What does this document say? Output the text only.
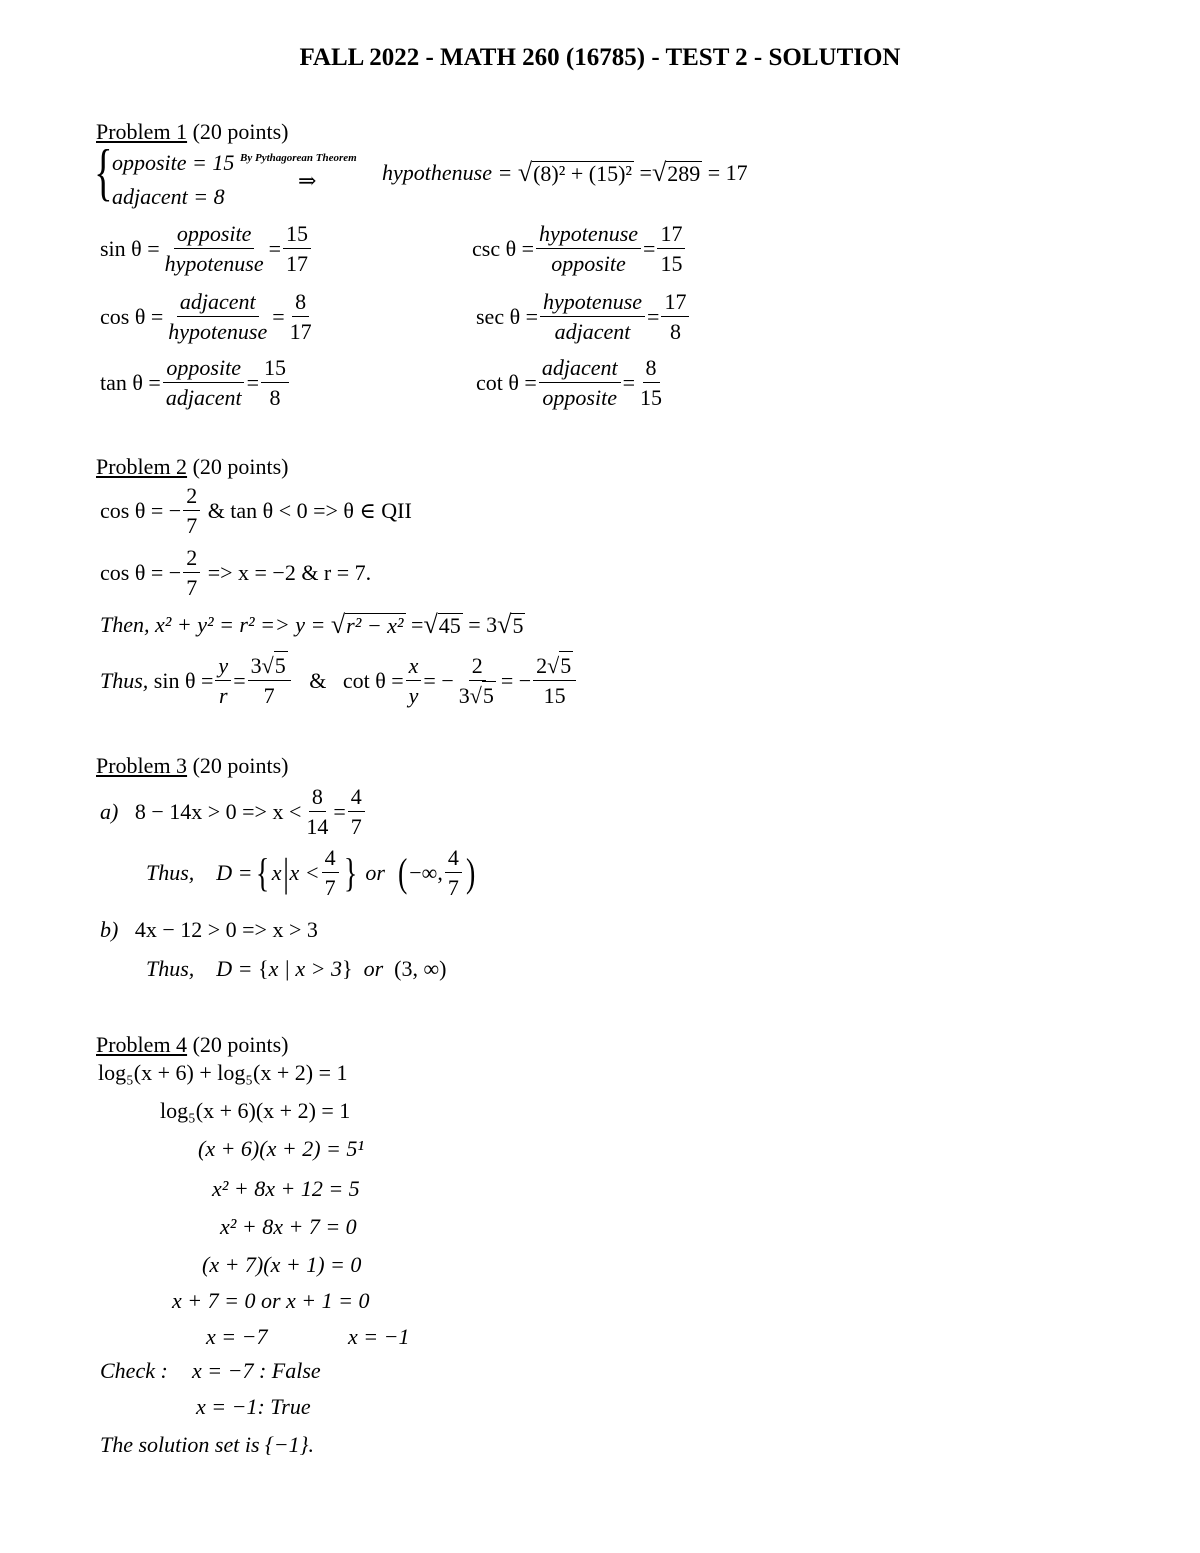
FALL 2022 - MATH 260 (16785) - TEST 2 - SOLUTION
Problem 1 (20 points)
{ opposite = 15
adjacent = 8
By Pythagorean Theorem
⇒	hypothenuse =
√ (8)² + (15)²
= √ 289
= 17
$\sin \theta = \frac{\text{opposite}}{\text{hypotenuse}} = \frac{15}{17}$
$\cos \theta = \frac{\text{adjacent}}{\text{hypotenuse}} = \frac{8}{17}$
$\tan \theta = \frac{\text{opposite}}{\text{adjacent}} = \frac{15}{8}$
$\csc \theta = \frac{\text{hypotenuse}}{\text{opposite}} = \frac{17}{15}$
$\sec \theta = \frac{\text{hypotenuse}}{\text{adjacent}} = \frac{17}{8}$
$\cot \theta = \frac{\text{adjacent}}{\text{opposite}} = \frac{8}{15}$
Problem 2 (20 points)
cos θ = − $\frac{2}{7}$
& tan θ < 0 => θ ∈ QII
cos θ = − $\frac{2}{7}$
=> x = −2 & r = 7.
Then,
x² + y² = r² => y =
√ r² − x²
= √ 45
= 3 √ 5
Thus,
$\sin \theta = \frac{y}{r} = \frac{3√5}{7}$
&
$\cot \theta = \frac{x}{y}$ = − $\frac{2}{3√5}$ = − $\frac{2√5}{15}$
Problem 3 (20 points)
a)
$8 - 14x > 0 => x < \frac{8}{14} = \frac{4}{7}$
Thus,
D = { x | $x < \frac{4}{7}$ }
or
( −∞, $\frac{4}{7}$ )
b)
4x − 12 > 0 => x > 3
Thus,
D =
{ x | x > 3 }
or
(3, ∞)
Problem 4 (20 points)
log₅(x + 6) + log₅(x + 2) = 1
log₅(x + 6)(x + 2) = 1
(x + 6)(x + 2) = 5¹
x² + 8x + 12 = 5
x² + 8x + 7 = 0
(x + 7)(x + 1) = 0
x + 7 = 0 or x + 1 = 0
x = −7	x = −1
Check : x = −7 : False
x = −1: True
The solution set is {−1}.
